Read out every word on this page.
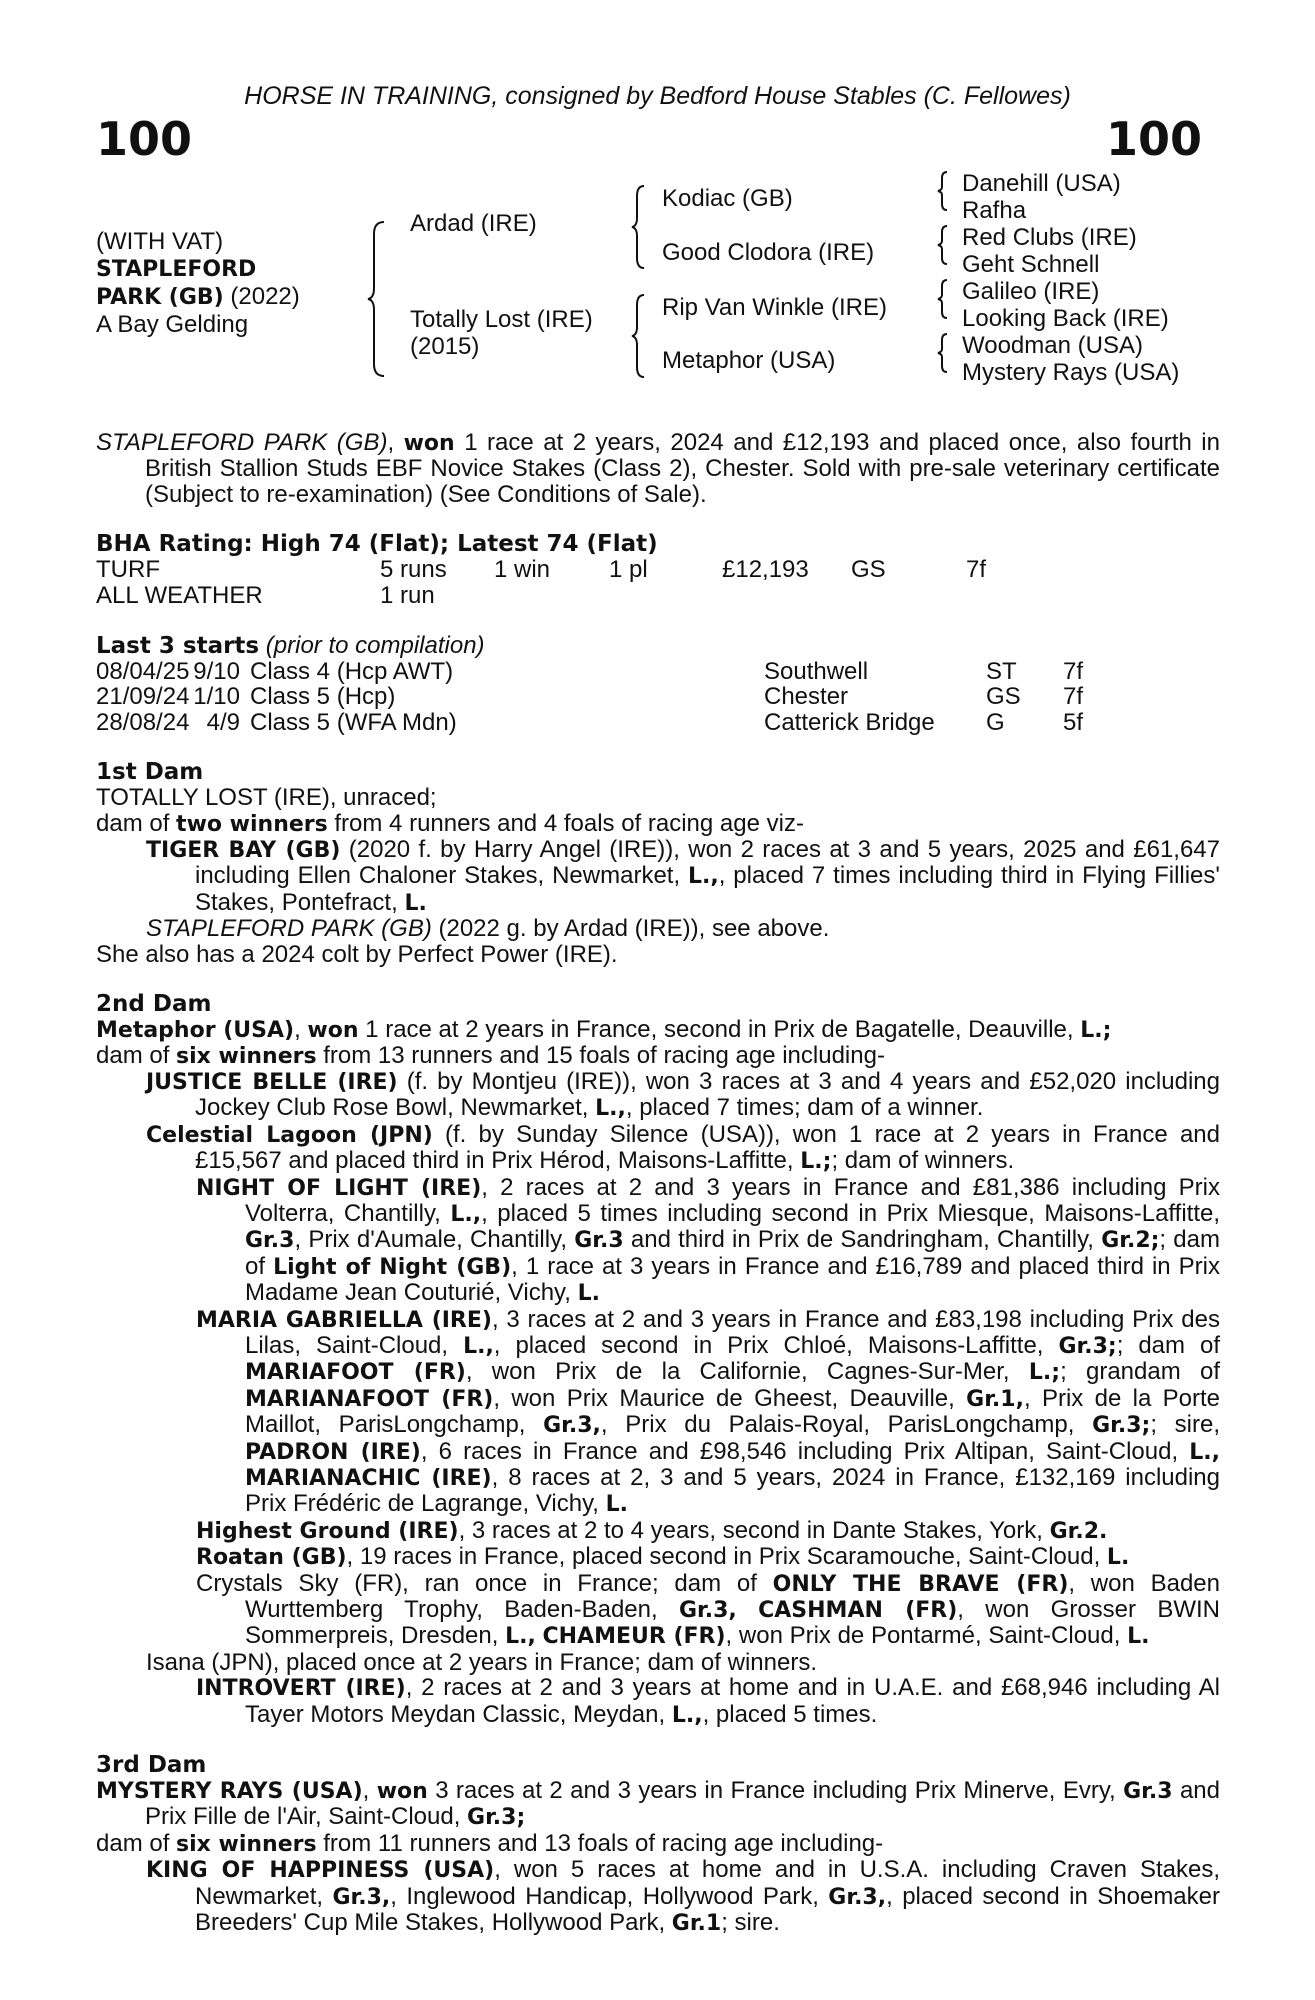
HORSE IN TRAINING, consigned by Bedford House Stables (C. Fellowes)
100	100
(WITH VAT)
STAPLEFORD
PARK (GB) (2022)
A Bay Gelding
Ardad (IRE)
Totally Lost (IRE)
(2015)
Kodiac (GB)
Good Clodora (IRE)
Rip Van Winkle (IRE)
Metaphor (USA)
Danehill (USA)
Rafha
Red Clubs (IRE)
Geht Schnell
Galileo (IRE)
Looking Back (IRE)
Woodman (USA)
Mystery Rays (USA)

STAPLEFORD PARK (GB), won 1 race at 2 years, 2024 and £12,193 and placed once, also fourth in British Stallion Studs EBF Novice Stakes (Class 2), Chester. Sold with pre-sale veterinary certificate (Subject to re-examination) (See Conditions of Sale).

BHA Rating: High 74 (Flat); Latest 74 (Flat)
TURF	5 runs	1 win	1 pl	£12,193	GS	7f
ALL WEATHER	1 run					
Last 3 starts (prior to compilation)
08/04/25	9/10	Class 4 (Hcp AWT)	Southwell	ST	7f
21/09/24	1/10	Class 5 (Hcp)	Chester	GS	7f
28/08/24	4/9	Class 5 (WFA Mdn)	Catterick Bridge	G	5f
1st Dam

TOTALLY LOST (IRE), unraced;

dam of two winners from 4 runners and 4 foals of racing age viz-

TIGER BAY (GB) (2020 f. by Harry Angel (IRE)), won 2 races at 3 and 5 years, 2025 and £61,647 including Ellen Chaloner Stakes, Newmarket, L.,, placed 7 times including third in Flying Fillies' Stakes, Pontefract, L.

STAPLEFORD PARK (GB) (2022 g. by Ardad (IRE)), see above.

She also has a 2024 colt by Perfect Power (IRE).

2nd Dam

Metaphor (USA), won 1 race at 2 years in France, second in Prix de Bagatelle, Deauville, L.;

dam of six winners from 13 runners and 15 foals of racing age including-

JUSTICE BELLE (IRE) (f. by Montjeu (IRE)), won 3 races at 3 and 4 years and £52,020 including Jockey Club Rose Bowl, Newmarket, L.,, placed 7 times; dam of a winner.

Celestial Lagoon (JPN) (f. by Sunday Silence (USA)), won 1 race at 2 years in France and £15,567 and placed third in Prix Hérod, Maisons-Laffitte, L.;; dam of winners.

NIGHT OF LIGHT (IRE), 2 races at 2 and 3 years in France and £81,386 including Prix Volterra, Chantilly, L.,, placed 5 times including second in Prix Miesque, Maisons-Laffitte, Gr.3, Prix d'Aumale, Chantilly, Gr.3 and third in Prix de Sandringham, Chantilly, Gr.2;; dam of Light of Night (GB), 1 race at 3 years in France and £16,789 and placed third in Prix Madame Jean Couturié, Vichy, L.

MARIA GABRIELLA (IRE), 3 races at 2 and 3 years in France and £83,198 including Prix des Lilas, Saint-Cloud, L.,, placed second in Prix Chloé, Maisons-Laffitte, Gr.3;; dam of MARIAFOOT (FR), won Prix de la Californie, Cagnes-Sur-Mer, L.;; grandam of MARIANAFOOT (FR), won Prix Maurice de Gheest, Deauville, Gr.1,, Prix de la Porte Maillot, ParisLongchamp, Gr.3,, Prix du Palais-Royal, ParisLongchamp, Gr.3;; sire, PADRON (IRE), 6 races in France and £98,546 including Prix Altipan, Saint-Cloud, L., MARIANACHIC (IRE), 8 races at 2, 3 and 5 years, 2024 in France, £132,169 including Prix Frédéric de Lagrange, Vichy, L.

Highest Ground (IRE), 3 races at 2 to 4 years, second in Dante Stakes, York, Gr.2.

Roatan (GB), 19 races in France, placed second in Prix Scaramouche, Saint-Cloud, L.

Crystals Sky (FR), ran once in France; dam of ONLY THE BRAVE (FR), won Baden Wurttemberg Trophy, Baden-Baden, Gr.3, CASHMAN (FR), won Grosser BWIN Sommerpreis, Dresden, L., CHAMEUR (FR), won Prix de Pontarmé, Saint-Cloud, L.

Isana (JPN), placed once at 2 years in France; dam of winners.

INTROVERT (IRE), 2 races at 2 and 3 years at home and in U.A.E. and £68,946 including Al Tayer Motors Meydan Classic, Meydan, L.,, placed 5 times.

3rd Dam

MYSTERY RAYS (USA), won 3 races at 2 and 3 years in France including Prix Minerve, Evry, Gr.3 and Prix Fille de l'Air, Saint-Cloud, Gr.3;

dam of six winners from 11 runners and 13 foals of racing age including-

KING OF HAPPINESS (USA), won 5 races at home and in U.S.A. including Craven Stakes, Newmarket, Gr.3,, Inglewood Handicap, Hollywood Park, Gr.3,, placed second in Shoemaker Breeders' Cup Mile Stakes, Hollywood Park, Gr.1; sire.
